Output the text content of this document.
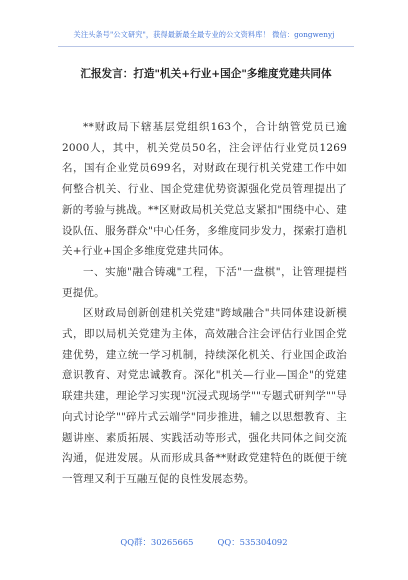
关注头条号"公文研究"，获得最新最全最专业的公文资料库！ 微信：gongwenyj
汇报发言：打造"机关+行业+国企"多维度党建共同体

**财政局下辖基层党组织163个，合计纳管党员已逾2000人，其中，机关党员50名，注会评估行业党员1269名，国有企业党员699名，对财政在现行机关党建工作中如何整合机关、行业、国企党建优势资源强化党员管理提出了新的考验与挑战。**区财政局机关党总支紧扣"围绕中心、建设队伍、服务群众"中心任务，多维度同步发力，探索打造机关+行业+国企多维度党建共同体。

一、实施"融合铸魂"工程，下活"一盘棋"，让管理提档更提优。

区财政局创新创建机关党建"跨域融合"共同体建设新模式，即以局机关党建为主体，高效融合注会评估行业国企党建优势，建立统一学习机制，持续深化机关、行业国企政治意识教育、对党忠诚教育。深化"机关—行业—国企"的党建联建共建，理论学习实现"沉浸式现场学""专题式研判学""导向式讨论学""碎片式云端学"同步推进，辅之以思想教育、主题讲座、素质拓展、实践活动等形式，强化共同体之间交流沟通，促进发展。从而形成具备**财政党建特色的既便于统一管理又利于互融互促的良性发展态势。

QQ群：30265665	QQ：535304092
